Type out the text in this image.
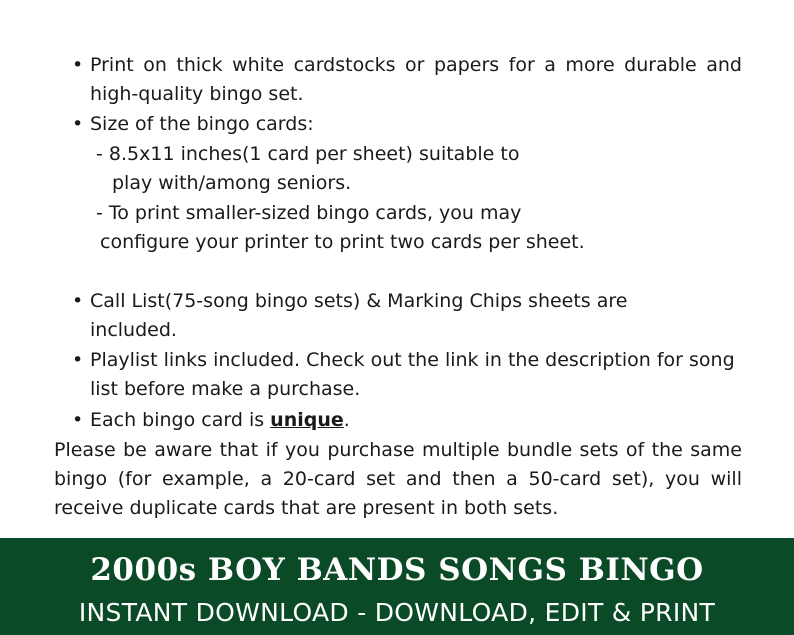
• Print on thick white cardstocks or papers for a more durable and high-quality bingo set.
• Size of the bingo cards:
- 8.5x11 inches(1 card per sheet) suitable to
play with/among seniors.
- To print smaller-sized bingo cards, you may
configure your printer to print two cards per sheet.
• Call List(75-song bingo sets) & Marking Chips sheets are included.
• Playlist links included. Check out the link in the description for song list before make a purchase.
• Each bingo card is unique.
Please be aware that if you purchase multiple bundle sets of the same bingo (for example, a 20-card set and then a 50-card set), you will receive duplicate cards that are present in both sets.
2000s BOY BANDS SONGS BINGO
INSTANT DOWNLOAD - DOWNLOAD, EDIT & PRINT
